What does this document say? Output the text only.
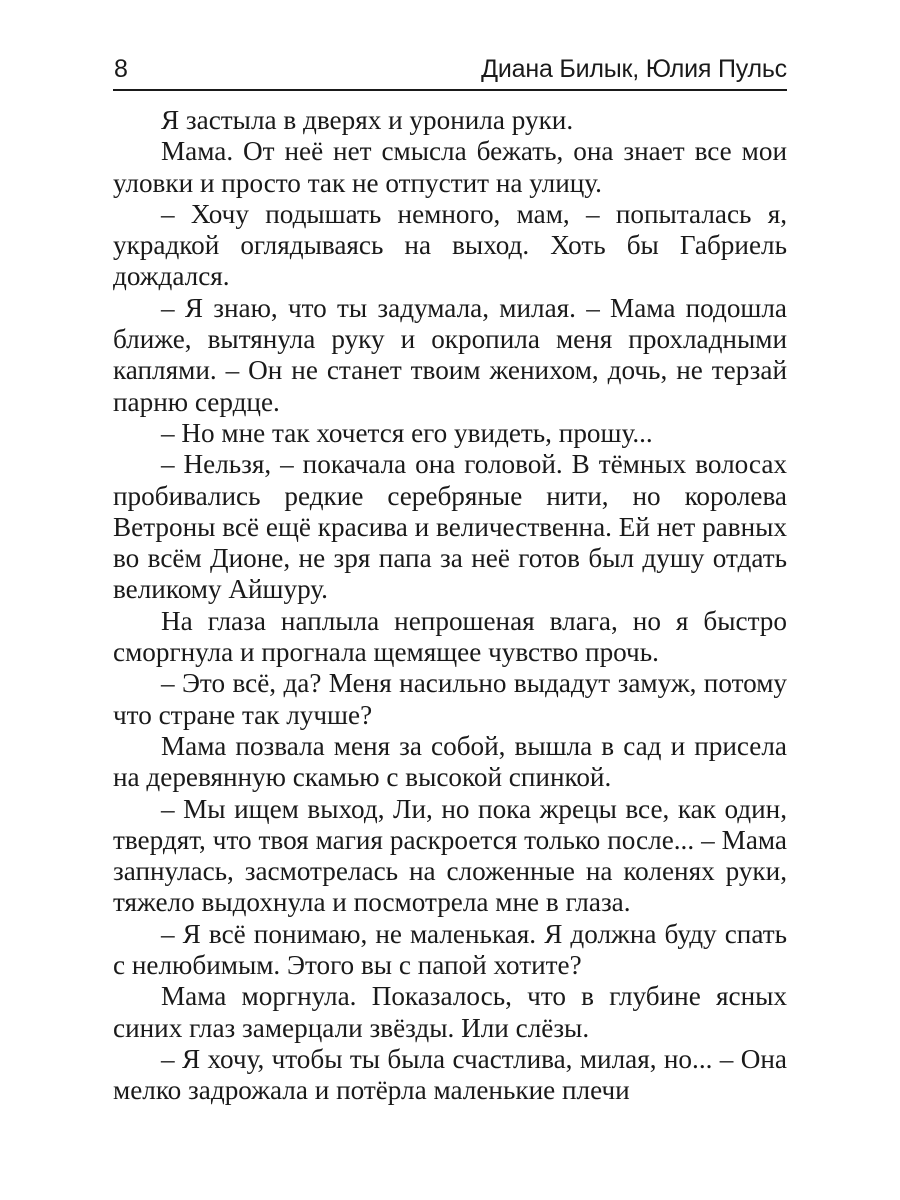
8	Диана Билык, Юлия Пульс

Я застыла в дверях и уронила руки.

Мама. От неё нет смысла бежать, она знает все мои уловки и просто так не отпустит на улицу.

– Хочу подышать немного, мам, – попыталась я, украдкой оглядываясь на выход. Хоть бы Габриель дождался.

– Я знаю, что ты задумала, милая. – Мама подошла ближе, вытянула руку и окропила меня прохладными каплями. – Он не станет твоим женихом, дочь, не терзай парню сердце.

– Но мне так хочется его увидеть, прошу...

– Нельзя, – покачала она головой. В тёмных волосах пробивались редкие серебряные нити, но королева Ветроны всё ещё красива и величественна. Ей нет равных во всём Дионе, не зря папа за неё готов был душу отдать великому Айшуру.

На глаза наплыла непрошеная влага, но я быстро сморгнула и прогнала щемящее чувство прочь.

– Это всё, да? Меня насильно выдадут замуж, потому что стране так лучше?

Мама позвала меня за собой, вышла в сад и присела на деревянную скамью с высокой спинкой.

– Мы ищем выход, Ли, но пока жрецы все, как один, твердят, что твоя магия раскроется только после... – Мама запнулась, засмотрелась на сложенные на коленях руки, тяжело выдохнула и посмотрела мне в глаза.

– Я всё понимаю, не маленькая. Я должна буду спать с нелюбимым. Этого вы с папой хотите?

Мама моргнула. Показалось, что в глубине ясных синих глаз замерцали звёзды. Или слёзы.

– Я хочу, чтобы ты была счастлива, милая, но... – Она мелко задрожала и потёрла маленькие плечи
